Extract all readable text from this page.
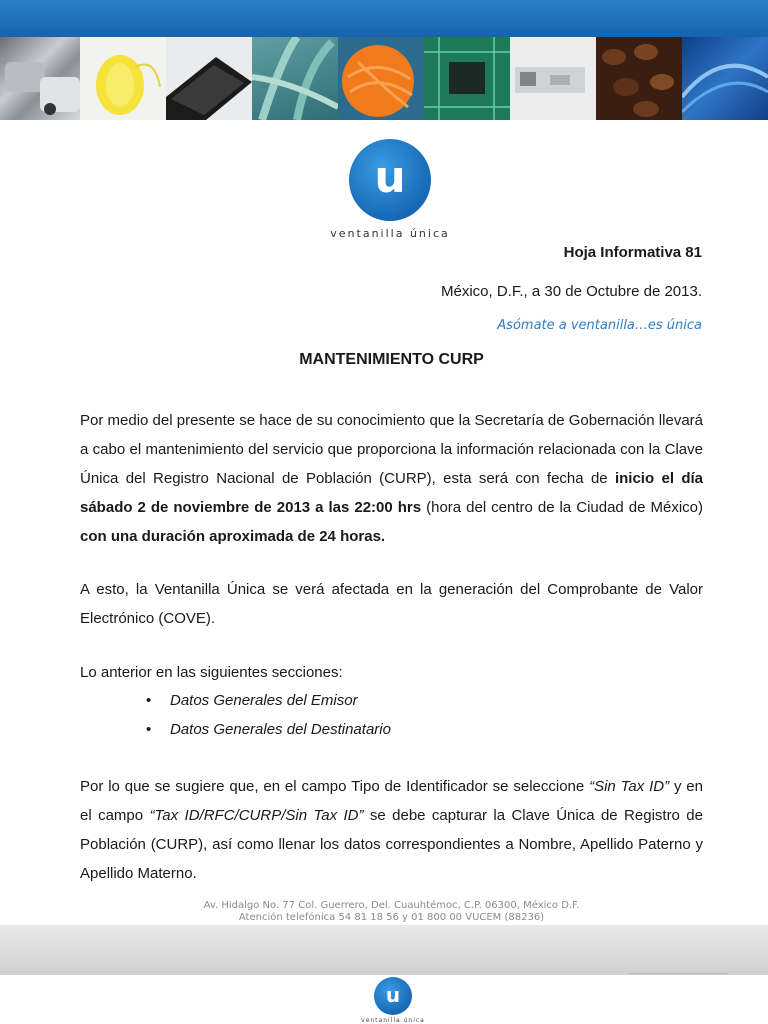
u
ventanilla única
Hoja Informativa 81
México, D.F., a 30 de Octubre de 2013.
Asómate a ventanilla…es única
MANTENIMIENTO CURP

Por medio del presente se hace de su conocimiento que la Secretaría de Gobernación llevará a cabo el mantenimiento del servicio que proporciona la información relacionada con la Clave Única del Registro Nacional de Población (CURP), esta será con fecha de inicio el día sábado 2 de noviembre de 2013 a las 22:00 hrs (hora del centro de la Ciudad de México) con una duración aproximada de 24 horas.

A esto, la Ventanilla Única se verá afectada en la generación del Comprobante de Valor Electrónico (COVE).

Lo anterior en las siguientes secciones:

• Datos Generales del Emisor
• Datos Generales del Destinatario

Por lo que se sugiere que, en el campo Tipo de Identificador se seleccione “Sin Tax ID” y en el campo “Tax ID/RFC/CURP/Sin Tax ID” se debe capturar la Clave Única de Registro de Población (CURP), así como llenar los datos correspondientes a Nombre, Apellido Paterno y Apellido Materno.

Av. Hidalgo No. 77 Col. Guerrero, Del. Cuauhtémoc, C.P. 06300, México D.F.
Atención telefónica 54 81 18 56 y 01 800 00 VUCEM (88236)
u
ventanilla única
